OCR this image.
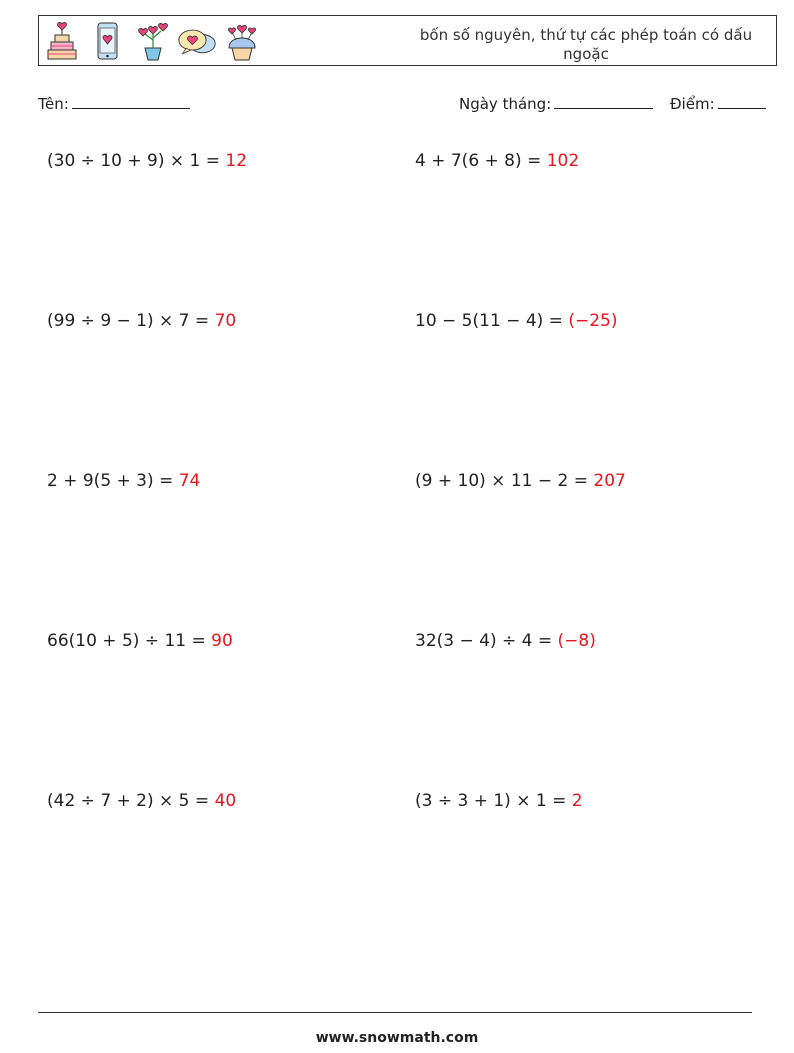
bốn số nguyên, thứ tự các phép toán có dấu ngoặc
Tên:	Ngày tháng:	Điểm:
(30 ÷ 10 + 9) × 1 = 12	4 + 7(6 + 8) = 102
(99 ÷ 9 − 1) × 7 = 70	10 − 5(11 − 4) = (−25)
2 + 9(5 + 3) = 74	(9 + 10) × 11 − 2 = 207
66(10 + 5) ÷ 11 = 90	32(3 − 4) ÷ 4 = (−8)
(42 ÷ 7 + 2) × 5 = 40	(3 ÷ 3 + 1) × 1 = 2
www.snowmath.com
